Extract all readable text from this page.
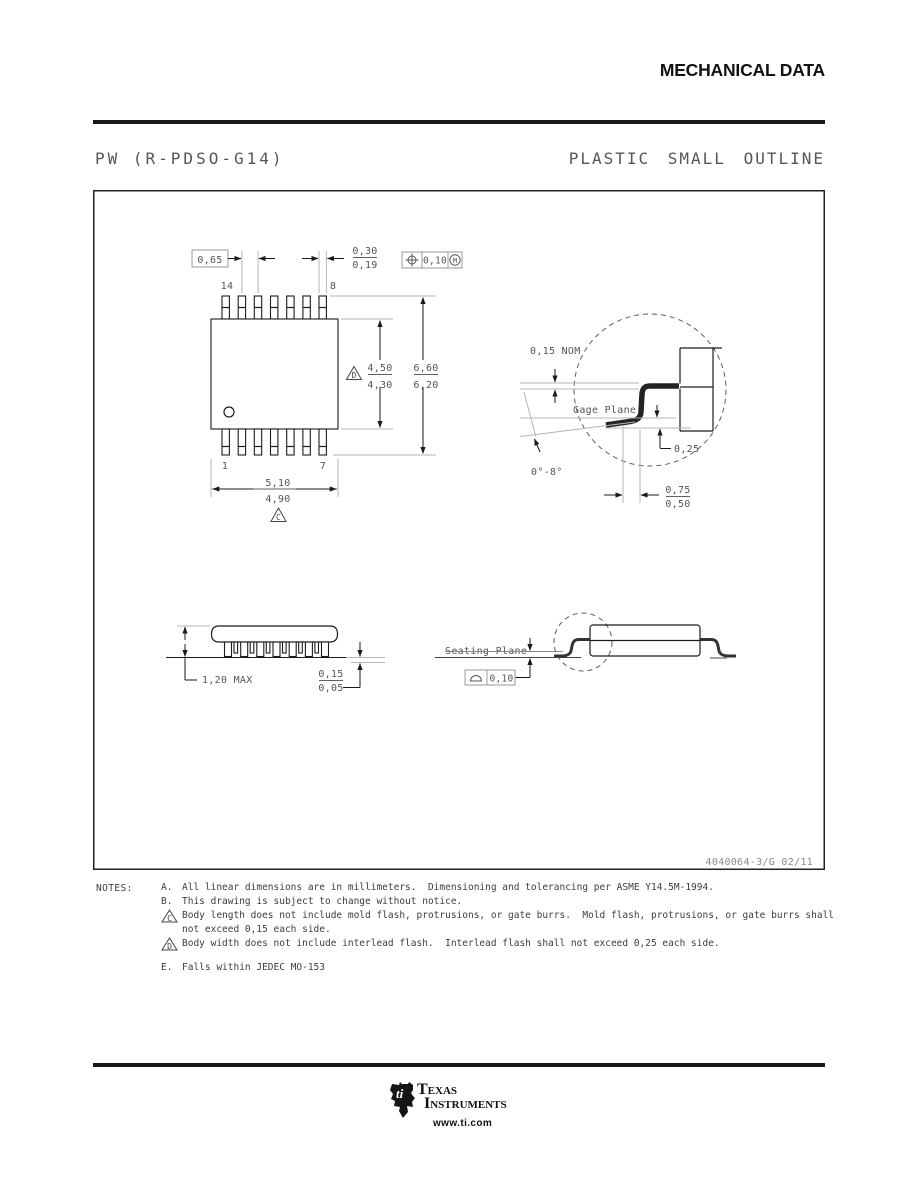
MECHANICAL DATA
PW (R-PDSO-G14)	PLASTIC SMALL OUTLINE
0,65
0,30
0,19	0,10 M
14	8
1	7
4,50
4,30
D
6,60
6,20
5,10
4,90
C
0,15 NOM
Gage Plane
0,25
0°-8°
0,75
0,50
1,20 MAX
0,15
0,05
Seating Plane
0,10
4040064-3/G 02/11
NOTES:	A.	All linear dimensions are in millimeters.  Dimensioning and tolerancing per ASME Y14.5M-1994.
B.	This drawing is subject to change without notice.
C Body length does not include mold flash, protrusions, or gate burrs.  Mold flash, protrusions, or gate burrs shall not exceed 0,15 each side.
D Body width does not include interlead flash.  Interlead flash shall not exceed 0,25 each side.
E.	Falls within JEDEC MO-153
ti Texas
Instruments
www.ti.com
